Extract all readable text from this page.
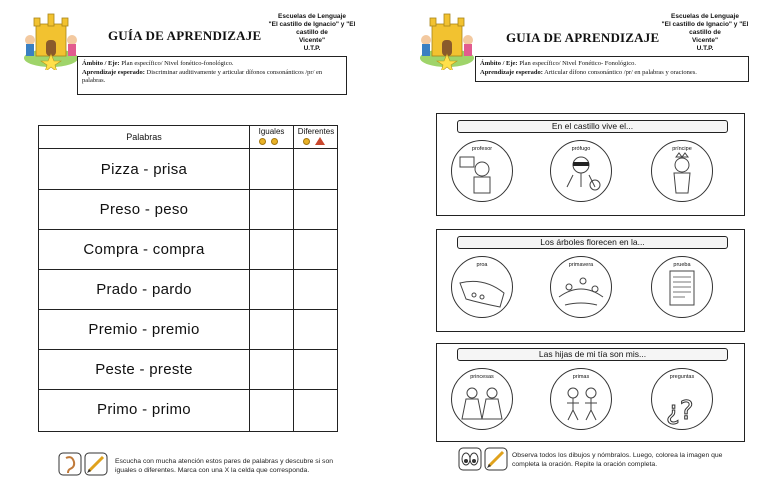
GUÍA DE APRENDIZAJE
Escuelas de Lenguaje
"El castillo de Ignacio" y "El castillo de
Vicente"
U.T.P.
Ámbito / Eje: Plan específico/ Nivel fonético-fonológico.
Aprendizaje esperado: Discriminar auditivamente y articular dífonos consonánticos /pr/ en palabras.
Palabras
Iguales	Diferentes
Pizza - prisa
Preso - peso
Compra - compra
Prado - pardo
Premio - premio
Peste - preste
Primo - primo
Escucha con mucha atención estos pares de palabras y descubre si son
iguales o diferentes. Marca con una X la celda que corresponda.
GUIA DE APRENDIZAJE
Escuelas de Lenguaje
"El castillo de Ignacio" y "El castillo de
Vicente"
U.T.P.
Ámbito / Eje: Plan específico/ Nivel Fonético- Fonológico.
Aprendizaje esperado: Articular dífono consonántico /pr/ en palabras y oraciones.
En el castillo vive el...
profesor	prófugo	príncipe
Los árboles florecen en la...
proa	primavera	prueba
Las hijas de mi tía son mis...
princesas	primas	preguntas
¿?
Observa todos los dibujos y nómbralos. Luego, colorea la imagen que
completa la oración. Repite la oración completa.
